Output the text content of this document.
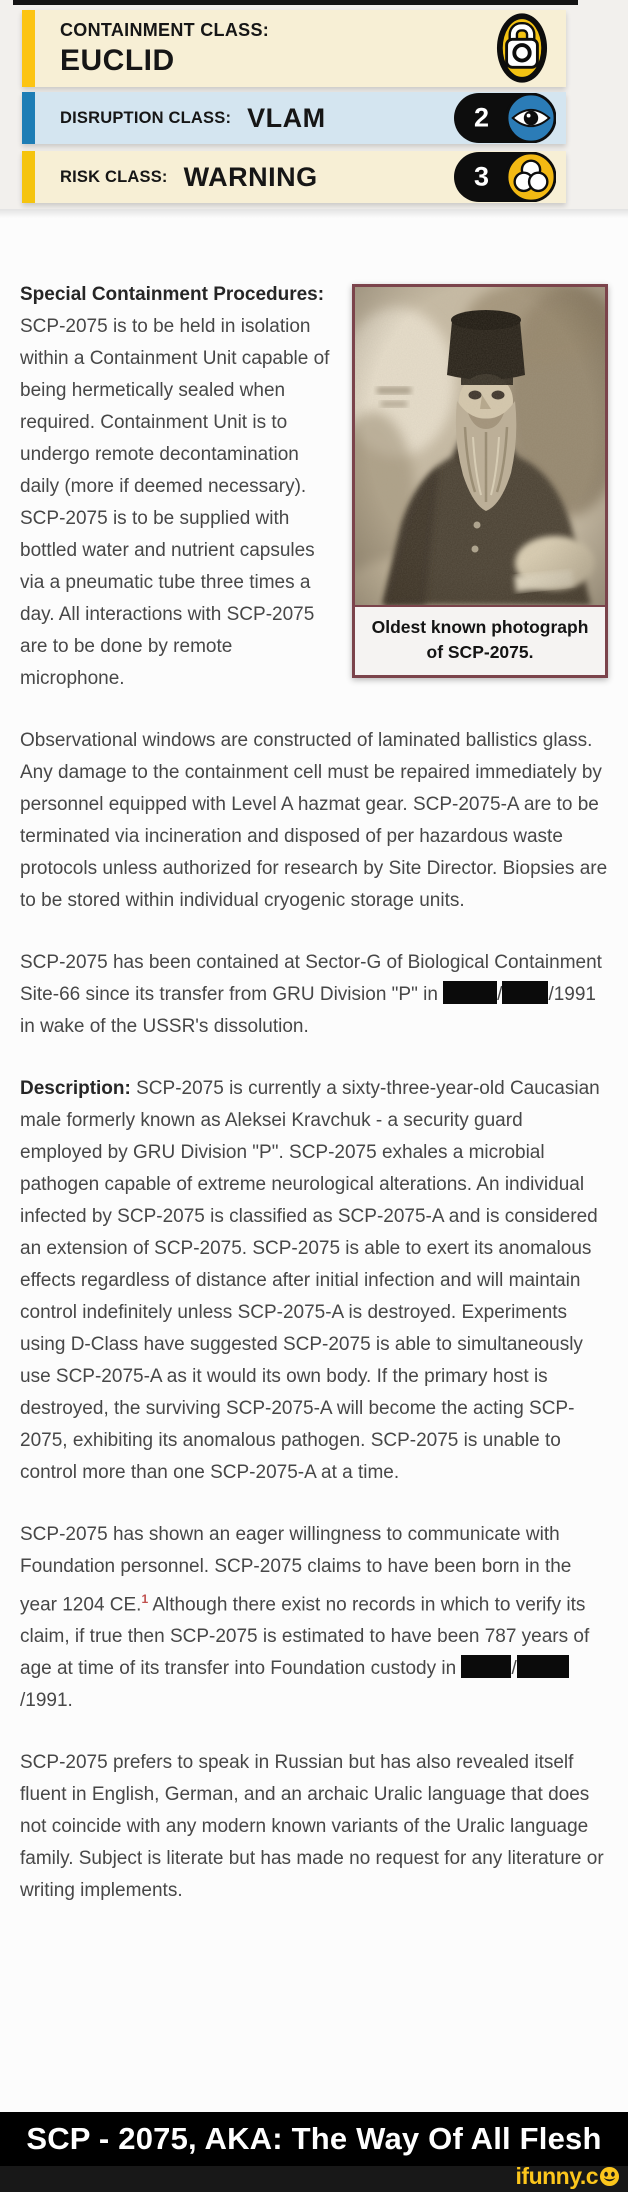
CONTAINMENT CLASS:
EUCLID
DISRUPTION CLASS: VLAM	2
RISK CLASS: WARNING	3
Oldest known photograph
of SCP-2075.
Special Containment Procedures: SCP-2075 is to be held in isolation within a Containment Unit capable of being hermetically sealed when required. Containment Unit is to undergo remote decontamination daily (more if deemed necessary). SCP-2075 is to be supplied with bottled water and nutrient capsules via a pneumatic tube three times a day. All interactions with SCP-2075 are to be done by remote microphone.
Observational windows are constructed of laminated ballistics glass. Any damage to the containment cell must be repaired immediately by personnel equipped with Level A hazmat gear. SCP-2075-A are to be terminated via incineration and disposed of per hazardous waste protocols unless authorized for research by Site Director. Biopsies are to be stored within individual cryogenic storage units.
SCP-2075 has been contained at Sector-G of Biological Containment Site-66 since its transfer from GRU Division "P" in	/ /1991 in wake of the USSR's dissolution.
Description: SCP-2075 is currently a sixty-three-year-old Caucasian male formerly known as Aleksei Kravchuk - a security guard employed by GRU Division "P". SCP-2075 exhales a microbial pathogen capable of extreme neurological alterations. An individual infected by SCP-2075 is classified as SCP-2075-A and is considered an extension of SCP-2075. SCP-2075 is able to exert its anomalous effects regardless of distance after initial infection and will maintain control indefinitely unless SCP-2075-A is destroyed. Experiments using D-Class have suggested SCP-2075 is able to simultaneously use SCP-2075-A as it would its own body. If the primary host is destroyed, the surviving SCP-2075-A will become the acting SCP-2075, exhibiting its anomalous pathogen. SCP-2075 is unable to control more than one SCP-2075-A at a time.
SCP-2075 has shown an eager willingness to communicate with Foundation personnel. SCP-2075 claims to have been born in the year 1204 CE.$^1$ Although there exist no records in which to verify its claim, if true then SCP-2075 is estimated to have been 787 years of age at time of its transfer into Foundation custody in	//1991.
SCP-2075 prefers to speak in Russian but has also revealed itself fluent in English, German, and an archaic Uralic language that does not coincide with any modern known variants of the Uralic language family. Subject is literate but has made no request for any literature or writing implements.
SCP - 2075, AKA: The Way Of All Flesh
ifunny.c
